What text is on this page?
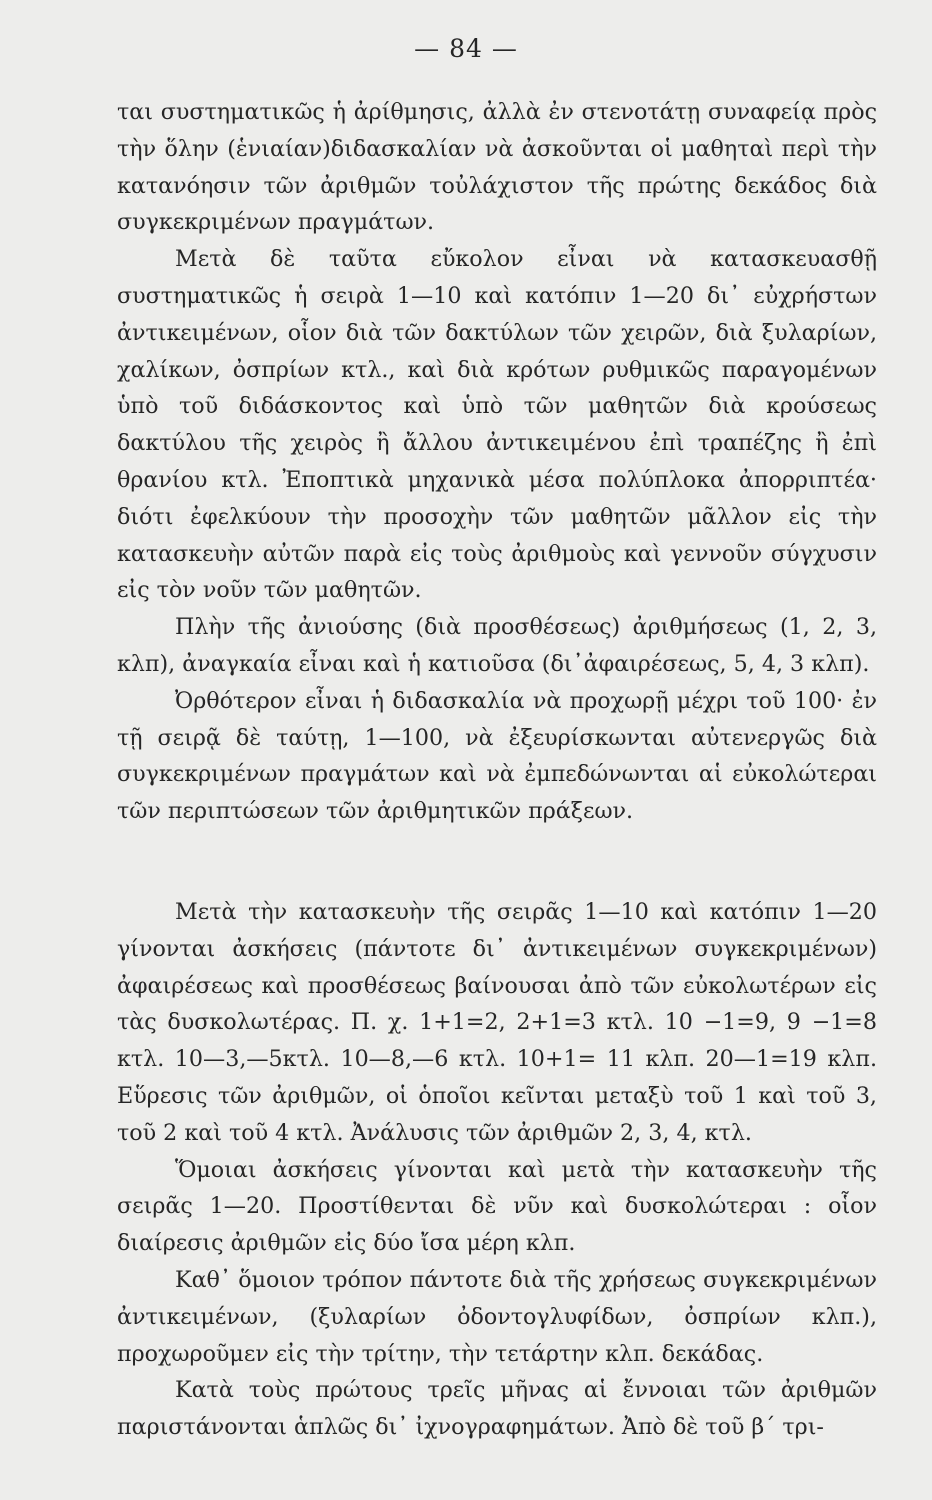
— 84 —

ται συστηματικῶς ἡ ἀρίθμησις, ἀλλὰ ἐν στενοτάτῃ συναφείᾳ πρὸς τὴν ὅλην (ἑνιαίαν)διδασκαλίαν νὰ ἀσκοῦνται οἱ μαθηταὶ περὶ τὴν κατανόησιν τῶν ἀριθμῶν τοὐλάχιστον τῆς πρώτης δεκάδος διὰ συγκεκριμένων πραγμάτων.

Μετὰ δὲ ταῦτα εὔκολον εἶναι νὰ κατασκευασθῇ συστηματικῶς ἡ σειρὰ 1—10 καὶ κατόπιν 1—20 δι᾿ εὐχρήστων ἀντικειμένων, οἷον διὰ τῶν δακτύλων τῶν χειρῶν, διὰ ξυλαρίων, χαλίκων, ὀσπρίων κτλ., καὶ διὰ κρότων ρυθμικῶς παραγομένων ὑπὸ τοῦ διδάσκοντος καὶ ὑπὸ τῶν μαθητῶν διὰ κρούσεως δακτύλου τῆς χειρὸς ἢ ἄλλου ἀντικειμένου ἐπὶ τραπέζης ἢ ἐπὶ θρανίου κτλ. Ἐποπτικὰ μηχανικὰ μέσα πολύπλοκα ἀπορριπτέα· διότι ἐφελκύουν τὴν προσοχὴν τῶν μαθητῶν μᾶλλον εἰς τὴν κατασκευὴν αὐτῶν παρὰ εἰς τοὺς ἀριθμοὺς καὶ γεννοῦν σύγχυσιν εἰς τὸν νοῦν τῶν μαθητῶν.

Πλὴν τῆς ἀνιούσης (διὰ προσθέσεως) ἀριθμήσεως (1, 2, 3, κλπ), ἀναγκαία εἶναι καὶ ἡ κατιοῦσα (δι᾿ἀφαιρέσεως, 5, 4, 3 κλπ).

Ὀρθότερον εἶναι ἡ διδασκαλία νὰ προχωρῇ μέχρι τοῦ 100· ἐν τῇ σειρᾷ δὲ ταύτῃ, 1—100, νὰ ἐξευρίσκωνται αὐτενεργῶς διὰ συγκεκριμένων πραγμάτων καὶ νὰ ἐμπεδώνωνται αἱ εὐκολώτεραι τῶν περιπτώσεων τῶν ἀριθμητικῶν πράξεων.

Μετὰ τὴν κατασκευὴν τῆς σειρᾶς 1—10 καὶ κατόπιν 1—20 γίνονται ἀσκήσεις (πάντοτε δι᾿ ἀντικειμένων συγκεκριμένων) ἀφαιρέσεως καὶ προσθέσεως βαίνουσαι ἀπὸ τῶν εὐκολωτέρων εἰς τὰς δυσκολωτέρας. Π. χ. 1+1=2, 2+1=3 κτλ. 10 −1=9, 9 −1=8 κτλ. 10—3,—5κτλ. 10—8,—6 κτλ. 10+1= 11 κλπ. 20—1=19 κλπ. Εὕρεσις τῶν ἀριθμῶν, οἱ ὁποῖοι κεῖνται μεταξὺ τοῦ 1 καὶ τοῦ 3, τοῦ 2 καὶ τοῦ 4 κτλ. Ἀνάλυσις τῶν ἀριθμῶν 2, 3, 4, κτλ.

Ὅμοιαι ἀσκήσεις γίνονται καὶ μετὰ τὴν κατασκευὴν τῆς σειρᾶς 1—20. Προστίθενται δὲ νῦν καὶ δυσκολώτεραι : οἷον διαίρεσις ἀριθμῶν εἰς δύο ἴσα μέρη κλπ.

Καθ᾿ ὅμοιον τρόπον πάντοτε διὰ τῆς χρήσεως συγκεκριμένων ἀντικειμένων, (ξυλαρίων ὀδοντογλυφίδων, ὀσπρίων κλπ.), προχωροῦμεν εἰς τὴν τρίτην, τὴν τετάρτην κλπ. δεκάδας.

Κατὰ τοὺς πρώτους τρεῖς μῆνας αἱ ἔννοιαι τῶν ἀριθμῶν παριστάνονται ἁπλῶς δι᾿ ἰχνογραφημάτων. Ἀπὸ δὲ τοῦ β΄ τρι-
